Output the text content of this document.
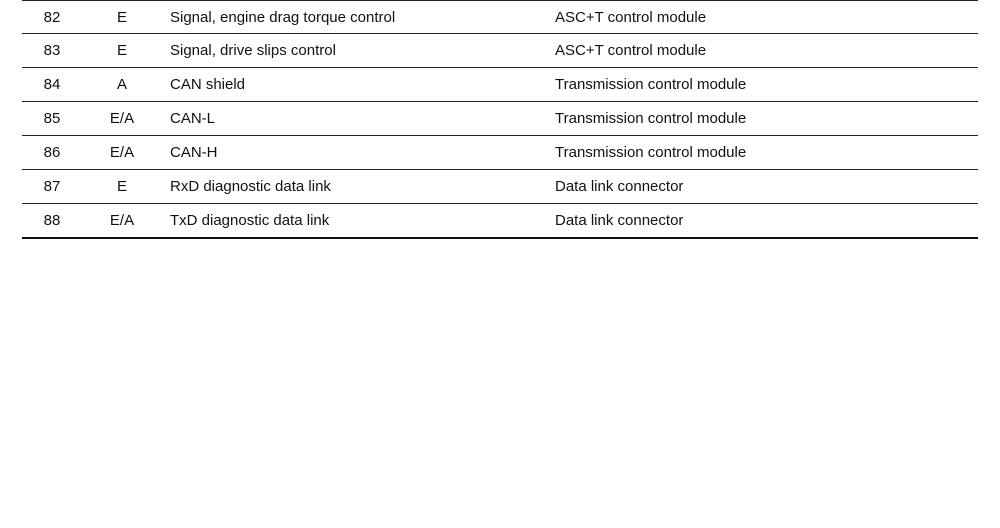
82	E	Signal, engine drag torque control	ASC+T control module
83	E	Signal, drive slips control	ASC+T control module
84	A	CAN shield	Transmission control module
85	E/A	CAN-L	Transmission control module
86	E/A	CAN-H	Transmission control module
87	E	RxD diagnostic data link	Data link connector
88	E/A	TxD diagnostic data link	Data link connector
